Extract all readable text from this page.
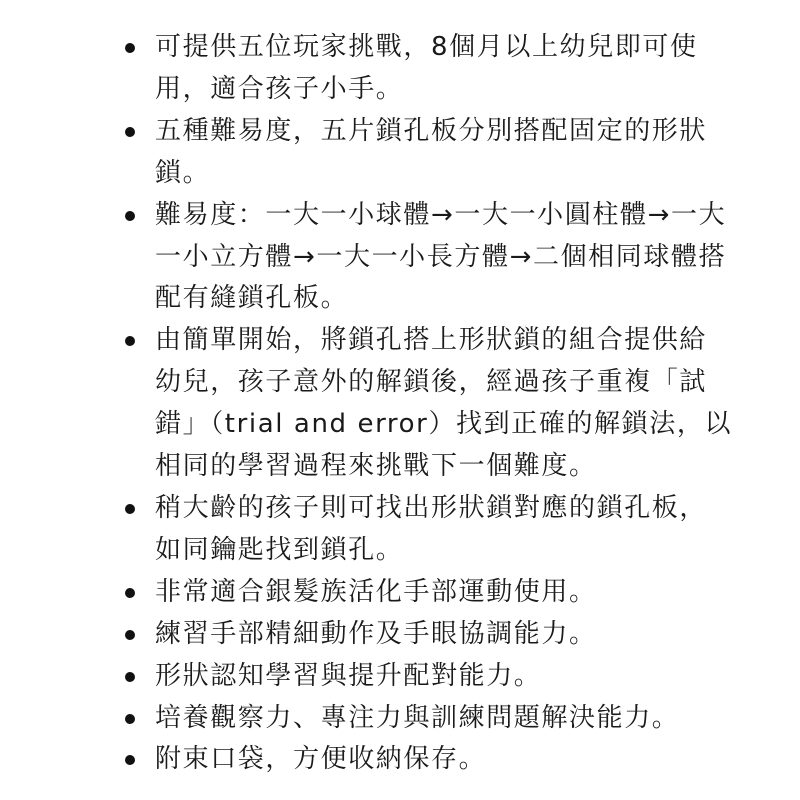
可提供五位玩家挑戰，8個月以上幼兒即可使
用，適合孩子小手。
五種難易度，五片鎖孔板分別搭配固定的形狀
鎖。
難易度：一大一小球體→一大一小圓柱體→一大
一小立方體→一大一小長方體→二個相同球體搭
配有縫鎖孔板。
由簡單開始，將鎖孔搭上形狀鎖的組合提供給
幼兒，孩子意外的解鎖後，經過孩子重複「試
錯」（trial and error）找到正確的解鎖法，以
相同的學習過程來挑戰下一個難度。
稍大齡的孩子則可找出形狀鎖對應的鎖孔板，
如同鑰匙找到鎖孔。
非常適合銀髮族活化手部運動使用。
練習手部精細動作及手眼協調能力。
形狀認知學習與提升配對能力。
培養觀察力、專注力與訓練問題解決能力。
附束口袋，方便收納保存。
